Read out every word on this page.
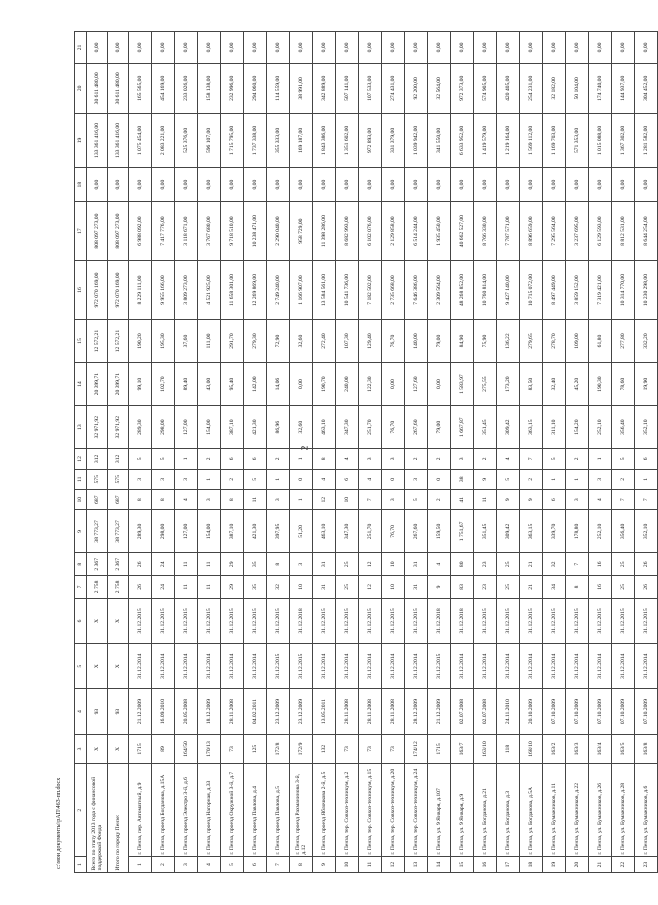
2
1	2	3	4	5	6	7	8	9	10	11	12	13	14	15	16	17	18	19	20	21
Всего по этапу 2013 года с финансовой поддержкой Фонда		X	93	X	X	2 758	2 367	38 773,27	687	575	312	32 971,92	20 399,71	12 572,21	972 070 169,00	808 097 273,00	0,00	133 361 416,00	30 611 480,00	0,00
Итого по городу Пензе:		X	93	X	X	2 758	2 367	38 773,27	687	575	312	32 971,92	20 399,71	12 572,21	972 070 169,00	808 097 273,00	0,00	133 361 416,00	30 611 480,00	0,00
1	г. Пенза, пер. Автоматный, д.9	1715	21.12.2009	31.12.2014	31.12.2015	26	26	289,30	8	3	5	289,30	99,10	190,20	8 229 111,00	6 988 092,00	0,00	1 075 454,00	165 565,00	0,00
2	г. Пенза, проезд Богданова, д.15А	89	16.09.2010	31.12.2014	31.12.2015	24	24	298,00	8	3	5	298,00	102,70	195,30	9 955 166,00	7 417 776,00	0,00	2 083 221,00	454 169,00	0,00
3	г. Пенза, проезд Электро 3-й, д.6	164/50	20.05.2008	31.12.2014	31.12.2015	11	11	127,00	4	3	1	127,00	89,40	37,60	3 809 273,00	3 118 671,00	0,00	525 376,00	233 026,00	0,00
4	г. Пенза, проезд Нагорная, д.33	170/13	18.12.2009	31.12.2014	31.12.2015	11	11	154,00	3	1	2	154,00	43,00	111,00	4 521 925,00	3 767 680,00	0,00	596 107,00	158 138,00	0,00
5	г. Пенза, проезд Окружной 3-й, д.7	73	28.11.2008	31.12.2014	31.12.2015	29	29	387,10	8	2	6	387,10	95,40	291,70	11 658 301,00	9 718 510,00	0,00	1 715 795,00	232 996,00	0,00
6	г. Пенза, проезд Павлова, д.4	125	04.02.2011	31.12.2014	31.12.2015	35	35	421,30	11	5	6	421,30	142,00	279,30	12 269 869,00	10 238 471,00	0,00	1 737 338,00	294 060,00	0,00
7	г. Пенза, проезд Павлова, д.5	172/8	23.12.2009	31.12.2015	31.12.2015	32	8	397,95	3	1	2	86,96	14,06	72,90	2 749 240,00	2 290 040,00	0,00	355 333,00	114 559,00	0,00
8	г. Пенза, проезд Рахманинова 3-й, д.12	172/9	23.12.2009	31.12.2015	31.12.2018	10	3	51,20	1	0	1	32,60	0,00	32,60	1 166 907,00	958 729,00	0,00	169 187,00	38 991,00	0,00
9	г. Пенза, проезд Яблочкова 2-й, д.5	132	13.05.2011	31.12.2014	31.12.2015	31	31	463,10	12	4	8	463,10	190,70	272,40	13 584 561,00	11 398 286,00	0,00	1 843 386,00	342 889,00	0,00
10	г. Пенза, тер. Совхоз-техникум, д.2	73	28.11.2008	31.12.2014	31.12.2015	25	25	347,30	10	6	4	347,30	240,00	107,30	10 541 736,00	8 682 993,00	0,00	1 351 602,00	507 141,00	0,00
11	г. Пенза, тер. Совхоз-техникум, д.15	73	28.11.2008	31.12.2014	31.12.2015	12	12	251,70	7	4	3	251,70	122,30	129,40	7 182 502,00	6 102 076,00	0,00	972 893,00	107 533,00	0,00
12	г. Пенза, тер. Совхоз-техникум, д.20	73	28.11.2008	31.12.2014	31.12.2015	10	10	76,70	3	0	3	76,70	0,00	76,70	2 735 668,00	2 129 858,00	0,00	331 379,00	274 431,00	0,00
13	г. Пенза, тер. Совхоз-техникум, д.24	174/12	28.12.2009	31.12.2014	31.12.2015	31	31	267,60	5	3	2	267,60	127,60	140,00	7 646 386,00	6 514 244,00	0,00	1 039 942,00	92 200,00	0,00
14	г. Пенза, ул. 9 Января, д.107	1715	21.12.2009	31.12.2015	31.12.2018	9	4	159,50	2	0	2	79,00	0,00	79,00	2 309 564,00	1 935 450,00	0,00	341 550,00	32 564,00	0,00
15	г. Пенза, ул. 9 Января, д.9	163/7	02.07.2008	31.12.2014	31.12.2018	83	80	1 751,67	41	38	3	1 667,87	1 583,97	84,90	48 268 852,00	40 662 527,00	0,00	6 633 952,00	972 373,00	0,00
16	г. Пенза, ул. Богданова, д.21	163/10	02.07.2008	31.12.2014	31.12.2015	23	23	351,45	11	9	2	351,45	275,55	75,90	10 760 814,00	8 766 330,00	0,00	1 419 579,00	574 905,00	0,00
17	г. Пенза, ул. Богданова, д.3	118	24.11.2010	31.12.2014	31.12.2015	25	25	309,42	9	5	4	309,42	173,20	136,22	9 427 140,00	7 787 571,00	0,00	1 219 164,00	420 405,00	0,00
18	г. Пенза, ул. Богданова, д.5А	168/10	20.10.2009	31.12.2014	31.12.2015	21	21	363,15	9	2	7	363,15	83,50	279,65	10 715 072,00	8 896 659,00	0,00	1 569 112,00	254 231,00	0,00
19	г. Пенза, ул. Бумажников, д.11	163/2	07.10.2009	31.12.2014	31.12.2015	34	32	339,70	6	1	5	311,10	32,40	278,70	8 497 449,00	7 295 564,00	0,00	1 169 703,00	32 182,00	0,00
20	г. Пенза, ул. Бумажников, д.22	163/3	07.10.2009	31.12.2014	31.12.2015	8	7	178,80	3	1	2	154,20	45,20	109,00	3 859 152,00	3 237 695,00	0,00	571 353,00	50 104,00	0,00
21	г. Пенза, ул. Бумажников, д.26	163/4	07.10.2009	31.12.2014	31.12.2015	16	16	252,10	4	3	1	252,10	190,30	61,80	7 319 421,00	6 129 593,00	0,00	1 015 088,00	174 740,00	0,00
22	г. Пенза, ул. Бумажников, д.28	163/5	07.10.2009	31.12.2014	31.12.2015	25	25	356,40	7	2	5	356,40	78,60	277,80	10 314 770,00	8 812 531,00	0,00	1 367 302,00	144 937,00	0,00
23	г. Пенза, ул. Бумажников, д.6	163/8	07.10.2009	31.12.2014	31.12.2015	26	26	352,10	7	1	6	352,10	19,90	332,20	10 230 298,00	8 644 254,00	0,00	1 281 582,00	304 452,00	0,00
c:\мои документы\рАП\463-пп.docx
